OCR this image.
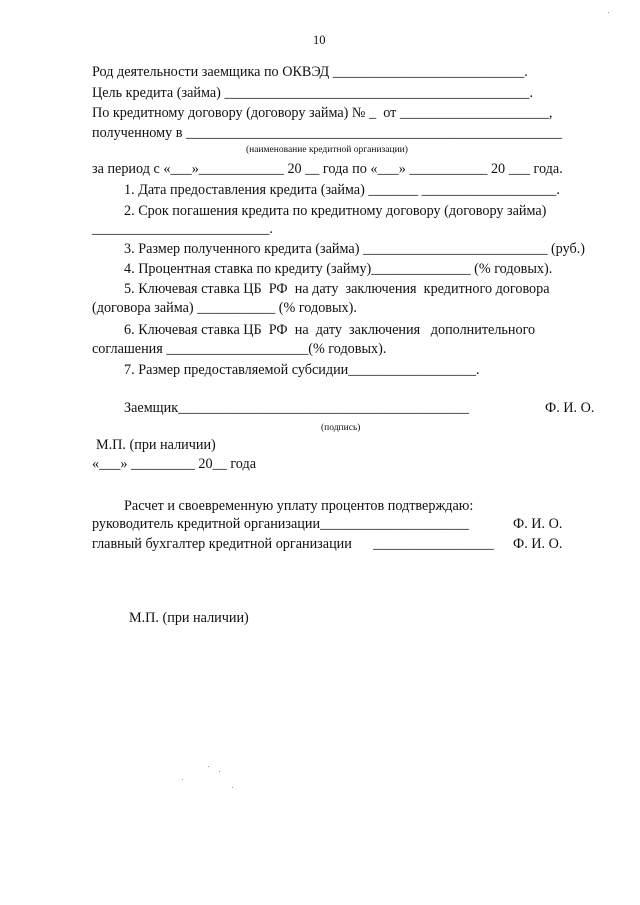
10
Род деятельности заемщика по ОКВЭД ___________________________.
Цель кредита (займа) ___________________________________________.
По кредитному договору (договору займа) № _  от _____________________,
полученному в _____________________________________________________
(наименование кредитной организации)
за период с «___»____________ 20 __ года по «___» ___________ 20 ___ года.
1. Дата предоставления кредита (займа) _______ ___________________.
2. Срок погашения кредита по кредитному договору (договору займа)
_________________________.
3. Размер полученного кредита (займа) __________________________ (руб.)
4. Процентная ставка по кредиту (займу)______________ (% годовых).
5. Ключевая ставка ЦБ  РФ  на дату  заключения  кредитного договора
(договора займа) ___________ (% годовых).
6. Ключевая ставка ЦБ  РФ  на  дату  заключения   дополнительного
соглашения ____________________(% годовых).
7. Размер предоставляемой субсидии__________________.
Заемщик_________________________________________	Ф. И. О.
(подпись)
М.П. (при наличии)
«___» _________ 20__ года
Расчет и своевременную уплату процентов подтверждаю:
руководитель кредитной организации_____________________	Ф. И. О.
главный бухгалтер кредитной организации      _________________ Ф. И. О.
М.П. (при наличии)
